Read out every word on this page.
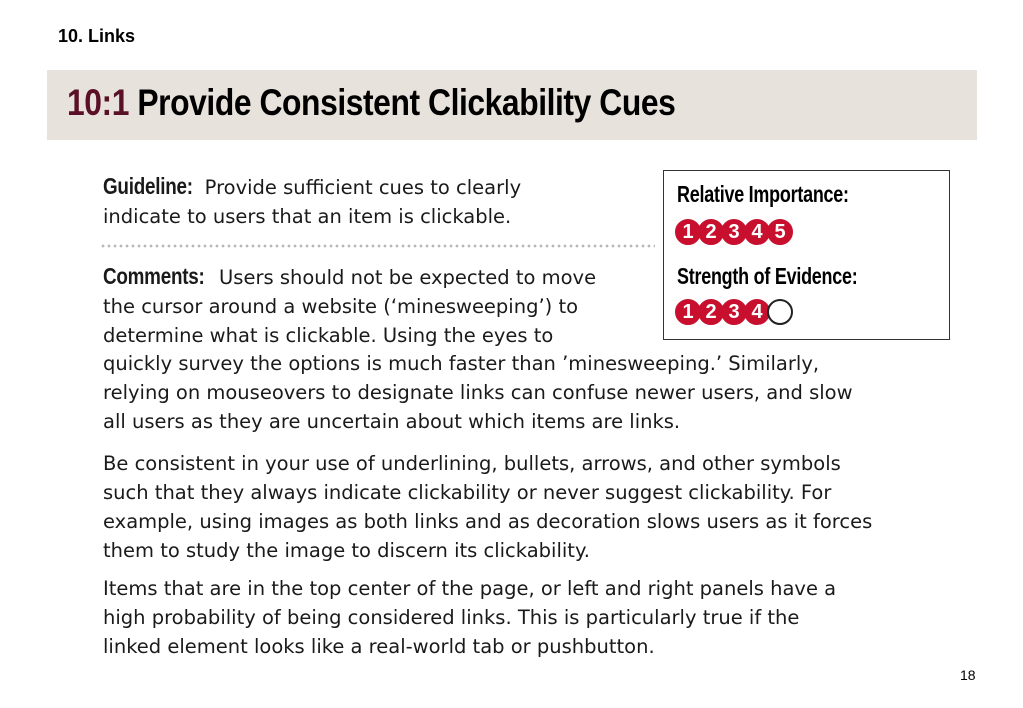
10. Links
10:1 Provide Consistent Clickability Cues
Guideline: Provide sufficient cues to clearly
indicate to users that an item is clickable.
Comments: Users should not be expected to move
the cursor around a website (‘minesweeping’) to
determine what is clickable. Using the eyes to
quickly survey the options is much faster than ’minesweeping.’ Similarly,
relying on mouseovers to designate links can confuse newer users, and slow
all users as they are uncertain about which items are links.
Be consistent in your use of underlining, bullets, arrows, and other symbols
such that they always indicate clickability or never suggest clickability. For
example, using images as both links and as decoration slows users as it forces
them to study the image to discern its clickability.
Items that are in the top center of the page, or left and right panels have a
high probability of being considered links. This is particularly true if the
linked element looks like a real-world tab or pushbutton.
Relative Importance:
1 2 3 4 5
Strength of Evidence:
1 2 3 4
18
